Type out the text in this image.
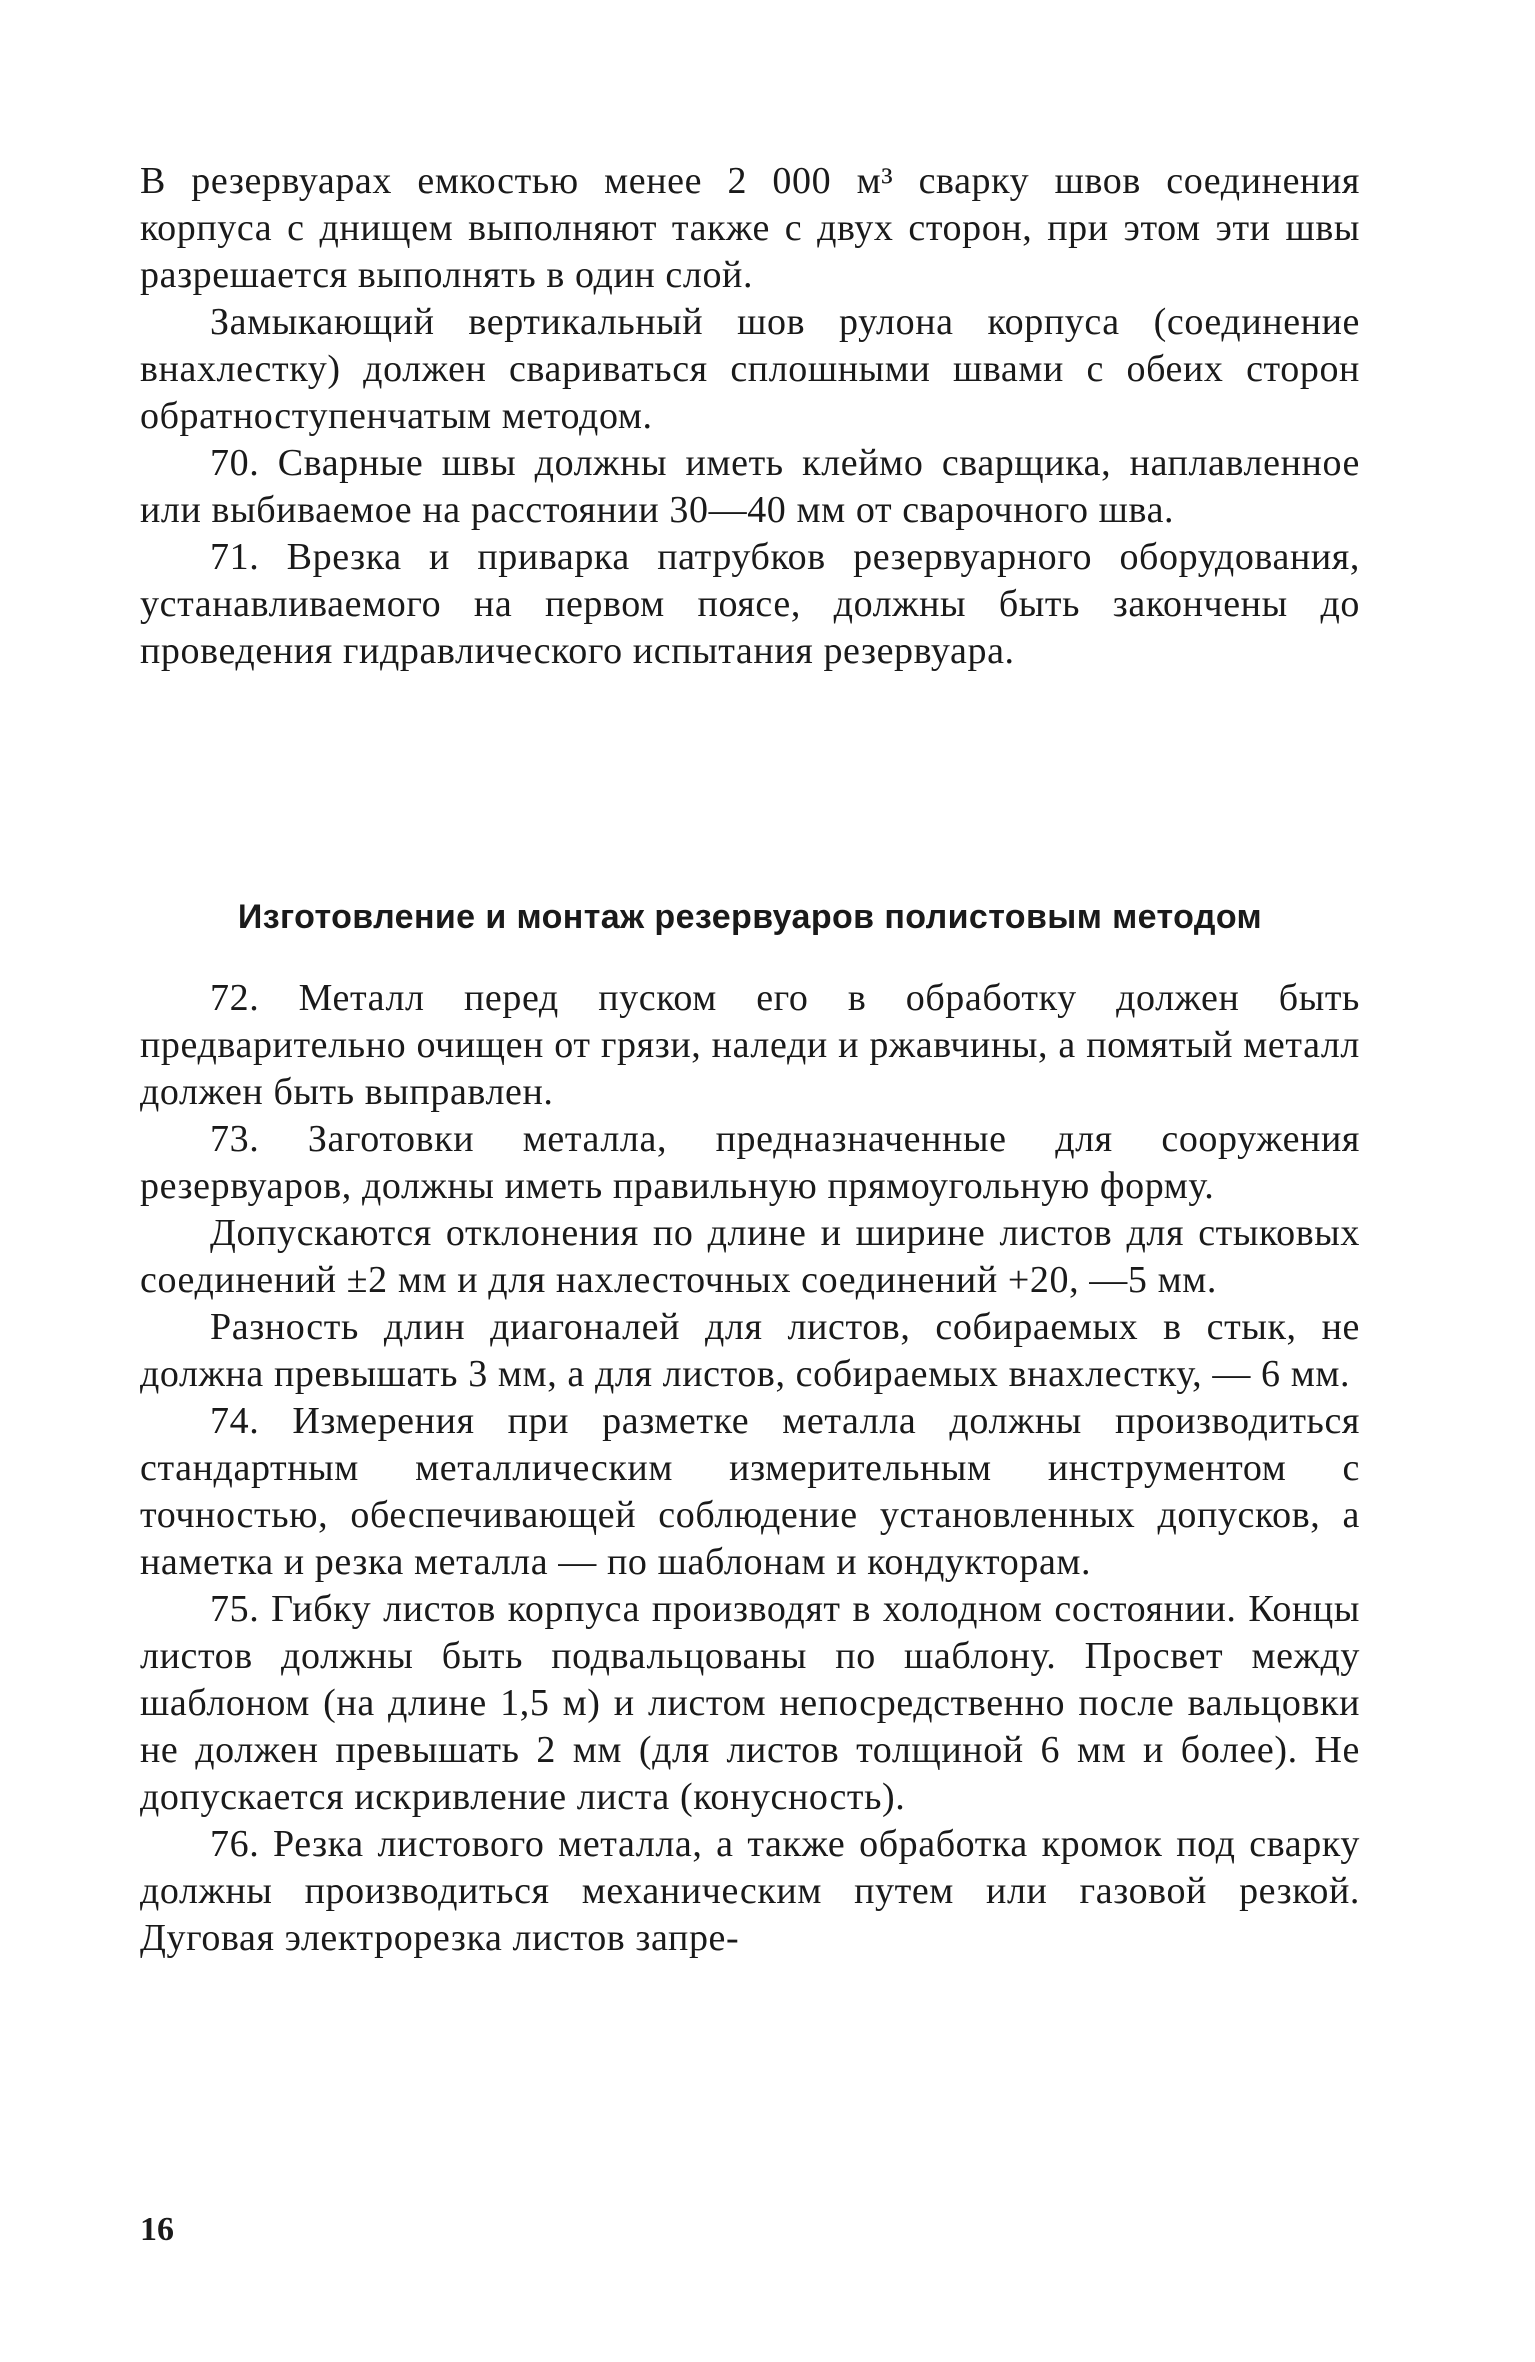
В резервуарах емкостью менее 2 000 м³ сварку швов соединения корпуса с днищем выполняют также с двух сторон, при этом эти швы разрешается выполнять в один слой.

Замыкающий вертикальный шов рулона корпуса (соединение внахлестку) должен свариваться сплошными швами с обеих сторон обратноступенчатым методом.

70. Сварные швы должны иметь клеймо сварщика, наплавленное или выбиваемое на расстоянии 30—40 мм от сварочного шва.

71. Врезка и приварка патрубков резервуарного оборудования, устанавливаемого на первом поясе, должны быть закончены до проведения гидравлического испытания резервуара.

Изготовление и монтаж резервуаров полистовым методом

72. Металл перед пуском его в обработку должен быть предварительно очищен от грязи, наледи и ржавчины, а помятый металл должен быть выправлен.

73. Заготовки металла, предназначенные для сооружения резервуаров, должны иметь правильную прямоугольную форму.

Допускаются отклонения по длине и ширине листов для стыковых соединений ±2 мм и для нахлесточных соединений +20, —5 мм.

Разность длин диагоналей для листов, собираемых в стык, не должна превышать 3 мм, а для листов, собираемых внахлестку, — 6 мм.

74. Измерения при разметке металла должны производиться стандартным металлическим измерительным инструментом с точностью, обеспечивающей соблюдение установленных допусков, а наметка и резка металла — по шаблонам и кондукторам.

75. Гибку листов корпуса производят в холодном состоянии. Концы листов должны быть подвальцованы по шаблону. Просвет между шаблоном (на длине 1,5 м) и листом непосредственно после вальцовки не должен превышать 2 мм (для листов толщиной 6 мм и более). Не допускается искривление листа (конусность).

76. Резка листового металла, а также обработка кромок под сварку должны производиться механическим путем или газовой резкой. Дуговая электрорезка листов запре-

16
